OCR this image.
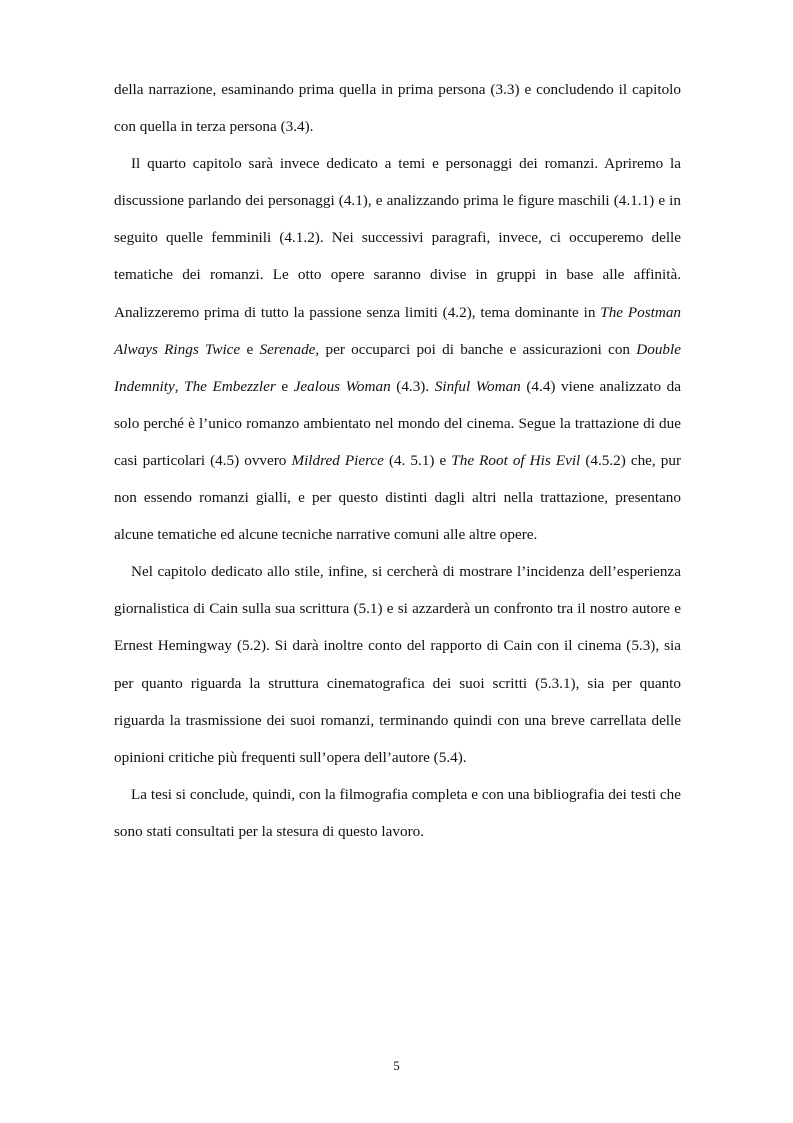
della narrazione, esaminando prima quella in prima persona (3.3) e concludendo il capitolo con quella in terza persona (3.4).

Il quarto capitolo sarà invece dedicato a temi e personaggi dei romanzi. Apriremo la discussione parlando dei personaggi (4.1), e analizzando prima le figure maschili (4.1.1) e in seguito quelle femminili (4.1.2). Nei successivi paragrafi, invece, ci occuperemo delle tematiche dei romanzi. Le otto opere saranno divise in gruppi in base alle affinità. Analizzeremo prima di tutto la passione senza limiti (4.2), tema dominante in The Postman Always Rings Twice e Serenade, per occuparci poi di banche e assicurazioni con Double Indemnity, The Embezzler e Jealous Woman (4.3). Sinful Woman (4.4) viene analizzato da solo perché è l’unico romanzo ambientato nel mondo del cinema. Segue la trattazione di due casi particolari (4.5) ovvero Mildred Pierce (4. 5.1) e The Root of His Evil (4.5.2) che, pur non essendo romanzi gialli, e per questo distinti dagli altri nella trattazione, presentano alcune tematiche ed alcune tecniche narrative comuni alle altre opere.

Nel capitolo dedicato allo stile, infine, si cercherà di mostrare l’incidenza dell’esperienza giornalistica di Cain sulla sua scrittura (5.1) e si azzarderà un confronto tra il nostro autore e Ernest Hemingway (5.2). Si darà inoltre conto del rapporto di Cain con il cinema (5.3), sia per quanto riguarda la struttura cinematografica dei suoi scritti (5.3.1), sia per quanto riguarda la trasmissione dei suoi romanzi, terminando quindi con una breve carrellata delle opinioni critiche più frequenti sull’opera dell’autore (5.4).

La tesi si conclude, quindi, con la filmografia completa e con una bibliografia dei testi che sono stati consultati per la stesura di questo lavoro.

5
